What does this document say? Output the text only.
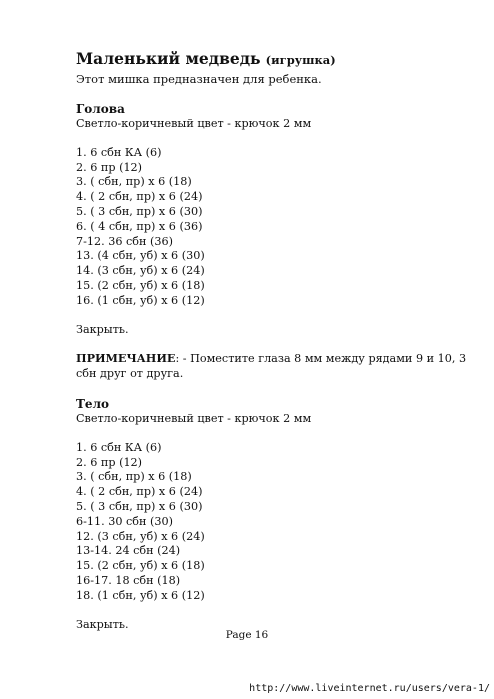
Маленький медведь (игрушка)

Этот мишка предназначен для ребенка.

Голова

Светло-коричневый цвет - крючок 2 мм

1. 6 сбн КА (6)
2. 6 пр (12)
3. ( сбн, пр) x 6 (18)
4. ( 2 сбн, пр) x 6 (24)
5. ( 3 сбн, пр) x 6 (30)
6. ( 4 сбн, пр) x 6 (36)
7-12. 36 сбн (36)
13. (4 сбн, уб) x 6 (30)
14. (3 сбн, уб) x 6 (24)
15. (2 сбн, уб) x 6 (18)
16. (1 сбн, уб) x 6 (12)

Закрыть.

ПРИМЕЧАНИЕ: - Поместите глаза 8 мм между рядами 9 и 10, 3 сбн друг от друга.

Тело

Светло-коричневый цвет - крючок 2 мм

1. 6 сбн КА (6)
2. 6 пр (12)
3. ( сбн, пр) x 6 (18)
4. ( 2 сбн, пр) x 6 (24)
5. ( 3 сбн, пр) x 6 (30)
6-11. 30 сбн (30)
12. (3 сбн, уб) x 6 (24)
13-14. 24 сбн (24)
15. (2 сбн, уб) x 6 (18)
16-17. 18 сбн (18)
18. (1 сбн, уб) x 6 (12)

Закрыть.

Page 16
http://www.liveinternet.ru/users/vera-1/
